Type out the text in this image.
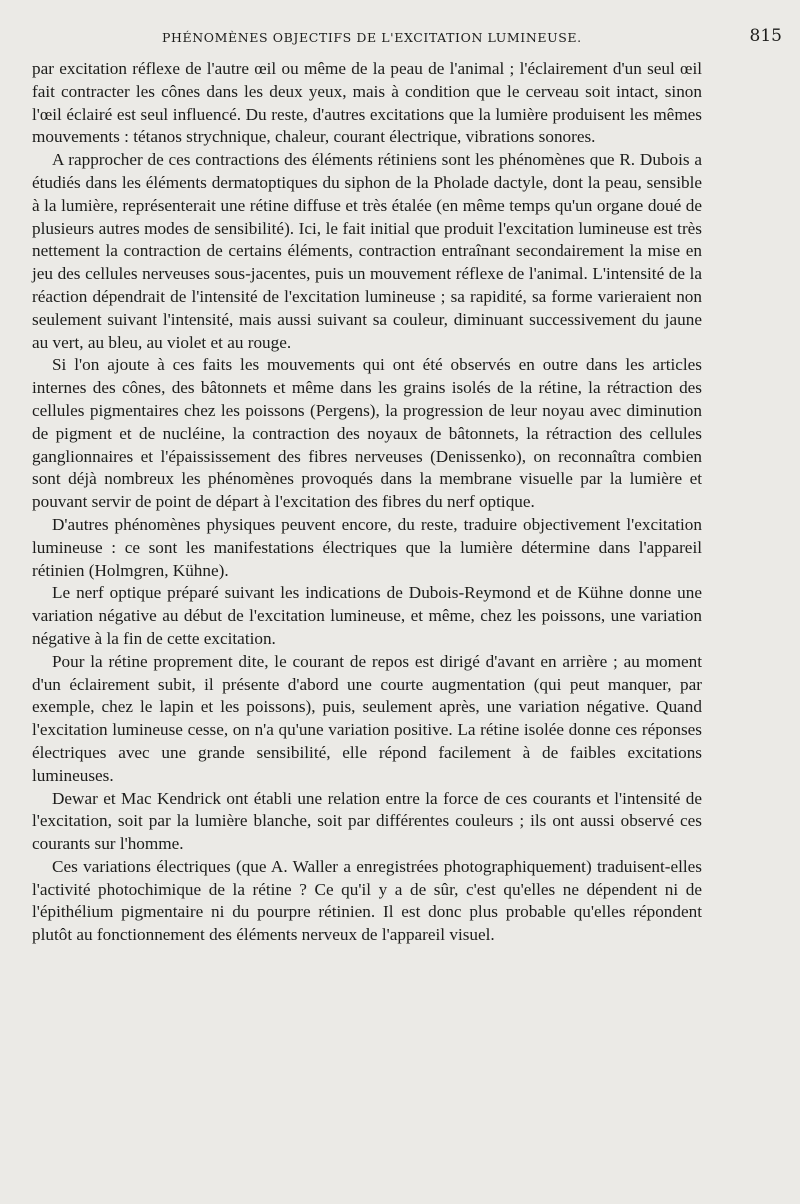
PHÉNOMÈNES OBJECTIFS DE L'EXCITATION LUMINEUSE.	815

par excitation réflexe de l'autre œil ou même de la peau de l'animal ; l'éclairement d'un seul œil fait contracter les cônes dans les deux yeux, mais à condition que le cerveau soit intact, sinon l'œil éclairé est seul influencé. Du reste, d'autres excitations que la lumière produisent les mêmes mouvements : tétanos strychnique, chaleur, courant électrique, vibrations sonores.

A rapprocher de ces contractions des éléments rétiniens sont les phénomènes que R. Dubois a étudiés dans les éléments dermatoptiques du siphon de la Pholade dactyle, dont la peau, sensible à la lumière, représenterait une rétine diffuse et très étalée (en même temps qu'un organe doué de plusieurs autres modes de sensibilité). Ici, le fait initial que produit l'excitation lumineuse est très nettement la contraction de certains éléments, contraction entraînant secondairement la mise en jeu des cellules nerveuses sous-jacentes, puis un mouvement réflexe de l'animal. L'intensité de la réaction dépendrait de l'intensité de l'excitation lumineuse ; sa rapidité, sa forme varieraient non seulement suivant l'intensité, mais aussi suivant sa couleur, diminuant successivement du jaune au vert, au bleu, au violet et au rouge.

Si l'on ajoute à ces faits les mouvements qui ont été observés en outre dans les articles internes des cônes, des bâtonnets et même dans les grains isolés de la rétine, la rétraction des cellules pigmentaires chez les poissons (Pergens), la progression de leur noyau avec diminution de pigment et de nucléine, la contraction des noyaux de bâtonnets, la rétraction des cellules ganglionnaires et l'épaississement des fibres nerveuses (Denissenko), on reconnaîtra combien sont déjà nombreux les phénomènes provoqués dans la membrane visuelle par la lumière et pouvant servir de point de départ à l'excitation des fibres du nerf optique.

D'autres phénomènes physiques peuvent encore, du reste, traduire objectivement l'excitation lumineuse : ce sont les manifestations électriques que la lumière détermine dans l'appareil rétinien (Holmgren, Kühne).

Le nerf optique préparé suivant les indications de Dubois-Reymond et de Kühne donne une variation négative au début de l'excitation lumineuse, et même, chez les poissons, une variation négative à la fin de cette excitation.

Pour la rétine proprement dite, le courant de repos est dirigé d'avant en arrière ; au moment d'un éclairement subit, il présente d'abord une courte augmentation (qui peut manquer, par exemple, chez le lapin et les poissons), puis, seulement après, une variation négative. Quand l'excitation lumineuse cesse, on n'a qu'une variation positive. La rétine isolée donne ces réponses électriques avec une grande sensibilité, elle répond facilement à de faibles excitations lumineuses.

Dewar et Mac Kendrick ont établi une relation entre la force de ces courants et l'intensité de l'excitation, soit par la lumière blanche, soit par différentes couleurs ; ils ont aussi observé ces courants sur l'homme.

Ces variations électriques (que A. Waller a enregistrées photographiquement) traduisent-elles l'activité photochimique de la rétine ? Ce qu'il y a de sûr, c'est qu'elles ne dépendent ni de l'épithélium pigmentaire ni du pourpre rétinien. Il est donc plus probable qu'elles répondent plutôt au fonctionnement des éléments nerveux de l'appareil visuel.
